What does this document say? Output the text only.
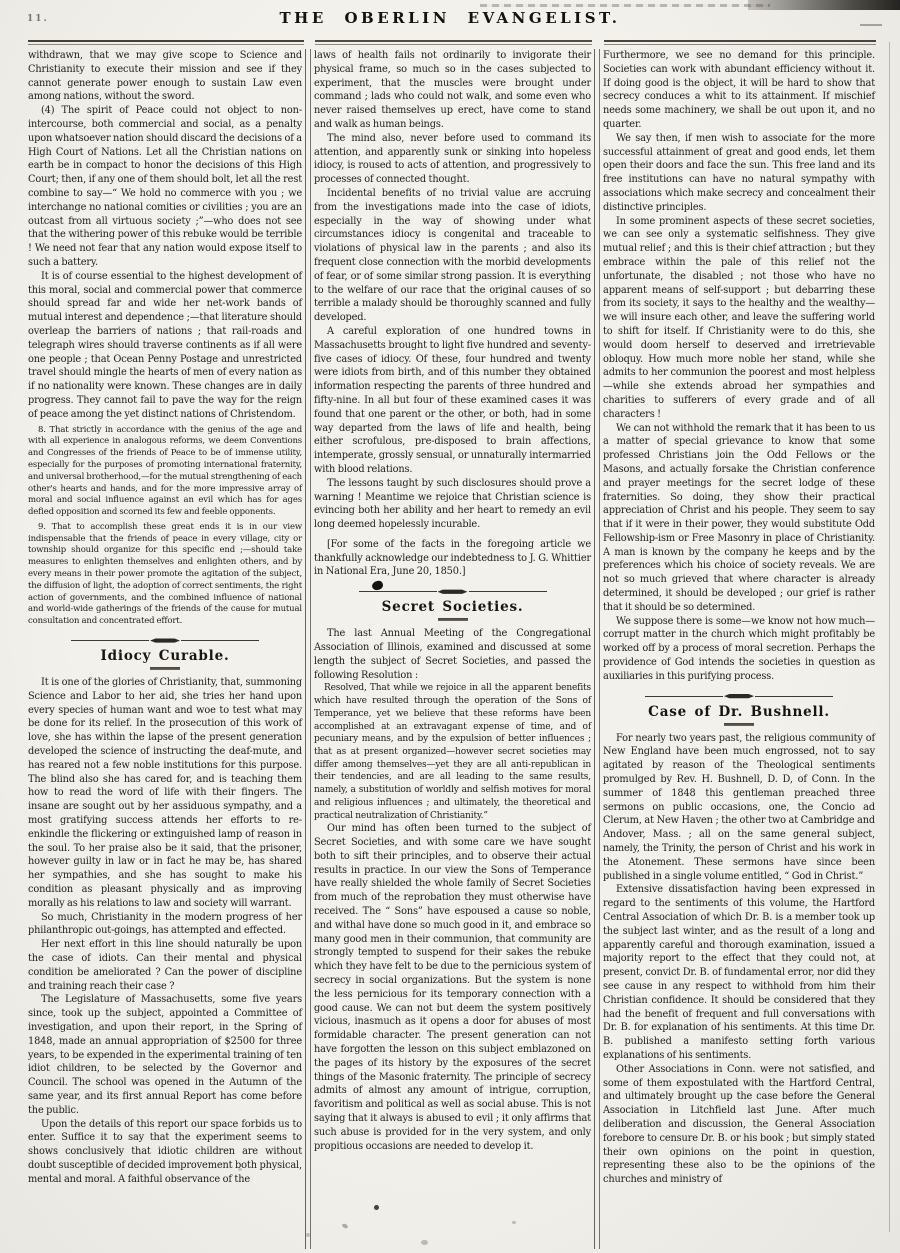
11.	THE OBERLIN EVANGELIST.

withdrawn, that we may give scope to Science and Christianity to execute their mission and see if they cannot generate power enough to sustain Law even among nations, without the sword.

(4) The spirit of Peace could not object to non-intercourse, both commercial and social, as a penalty upon whatsoever nation should discard the decisions of a High Court of Nations. Let all the Christian nations on earth be in compact to honor the decisions of this High Court; then, if any one of them should bolt, let all the rest combine to say—“ We hold no commerce with you ; we interchange no national comities or civilities ; you are an outcast from all virtuous society ;”—who does not see that the withering power of this rebuke would be terrible ! We need not fear that any nation would expose itself to such a battery.

It is of course essential to the highest development of this moral, social and commercial power that commerce should spread far and wide her net-work bands of mutual interest and dependence ;—that literature should overleap the barriers of nations ; that rail-roads and telegraph wires should traverse continents as if all were one people ; that Ocean Penny Postage and unrestricted travel should mingle the hearts of men of every nation as if no nationality were known. These changes are in daily progress. They cannot fail to pave the way for the reign of peace among the yet distinct nations of Christendom.

8. That strictly in accordance with the genius of the age and with all experience in analogous reforms, we deem Conventions and Congresses of the friends of Peace to be of immense utility, especially for the purposes of promoting international fraternity, and universal brotherhood,—for the mutual strengthening of each other's hearts and hands, and for the more impressive array of moral and social influence against an evil which has for ages defied opposition and scorned its few and feeble opponents.

9. That to accomplish these great ends it is in our view indispensable that the friends of peace in every village, city or township should organize for this specific end ;—should take measures to enlighten themselves and enlighten others, and by every means in their power promote the agitation of the subject, the diffusion of light, the adoption of correct sentiments, the right action of governments, and the combined influence of national and world-wide gatherings of the friends of the cause for mutual consultation and concentrated effort.

Idiocy Curable.

It is one of the glories of Christianity, that, summoning Science and Labor to her aid, she tries her hand upon every species of human want and woe to test what may be done for its relief. In the prosecution of this work of love, she has within the lapse of the present generation developed the science of instructing the deaf-mute, and has reared not a few noble institutions for this purpose. The blind also she has cared for, and is teaching them how to read the word of life with their fingers. The insane are sought out by her assiduous sympathy, and a most gratifying success attends her efforts to re-enkindle the flickering or extinguished lamp of reason in the soul. To her praise also be it said, that the prisoner, however guilty in law or in fact he may be, has shared her sympathies, and she has sought to make his condition as pleasant physically and as improving morally as his relations to law and society will warrant.

So much, Christianity in the modern progress of her philanthropic out-goings, has attempted and effected.

Her next effort in this line should naturally be upon the case of idiots. Can their mental and physical condition be ameliorated ? Can the power of discipline and training reach their case ?

The Legislature of Massachusetts, some five years since, took up the subject, appointed a Committee of investigation, and upon their report, in the Spring of 1848, made an annual appropriation of $2500 for three years, to be expended in the experimental training of ten idiot children, to be selected by the Governor and Council. The school was opened in the Autumn of the same year, and its first annual Report has come before the public.

Upon the details of this report our space forbids us to enter. Suffice it to say that the experiment seems to shows conclusively that idiotic children are without doubt susceptible of decided improvement both physical, mental and moral. A faithful observance of the

laws of health fails not ordinarily to invigorate their physical frame, so much so in the cases subjected to experiment, that the muscles were brought under command ; lads who could not walk, and some even who never raised themselves up erect, have come to stand and walk as human beings.

The mind also, never before used to command its attention, and apparently sunk or sinking into hopeless idiocy, is roused to acts of attention, and progressively to processes of connected thought.

Incidental benefits of no trivial value are accruing from the investigations made into the case of idiots, especially in the way of showing under what circumstances idiocy is congenital and traceable to violations of physical law in the parents ; and also its frequent close connection with the morbid developments of fear, or of some similar strong passion. It is everything to the welfare of our race that the original causes of so terrible a malady should be thoroughly scanned and fully developed.

A careful exploration of one hundred towns in Massachusetts brought to light five hundred and seventy-five cases of idiocy. Of these, four hundred and twenty were idiots from birth, and of this number they obtained information respecting the parents of three hundred and fifty-nine. In all but four of these examined cases it was found that one parent or the other, or both, had in some way departed from the laws of life and health, being either scrofulous, pre-disposed to brain affections, intemperate, grossly sensual, or unnaturally intermarried with blood relations.

The lessons taught by such disclosures should prove a warning ! Meantime we rejoice that Christian science is evincing both her ability and her heart to remedy an evil long deemed hopelessly incurable.

[For some of the facts in the foregoing article we thankfully acknowledge our indebtedness to J. G. Whittier in National Era, June 20, 1850.]

Secret Societies.

The last Annual Meeting of the Congregational Association of Illinois, examined and discussed at some length the subject of Secret Societies, and passed the following Resolution :

Resolved, That while we rejoice in all the apparent benefits which have resulted through the operation of the Sons of Temperance, yet we believe that these reforms have been accomplished at an extravagant expense of time, and of pecuniary means, and by the expulsion of better influences ; that as at present organized—however secret societies may differ among themselves—yet they are all anti-republican in their tendencies, and are all leading to the same results, namely, a substitution of worldly and selfish motives for moral and religious influences ; and ultimately, the theoretical and practical neutralization of Christianity.”

Our mind has often been turned to the subject of Secret Societies, and with some care we have sought both to sift their principles, and to observe their actual results in practice. In our view the Sons of Temperance have really shielded the whole family of Secret Societies from much of the reprobation they must otherwise have received. The “ Sons” have espoused a cause so noble, and withal have done so much good in it, and embrace so many good men in their communion, that community are strongly tempted to suspend for their sakes the rebuke which they have felt to be due to the pernicious system of secrecy in social organizations. But the system is none the less pernicious for its temporary connection with a good cause. We can not but deem the system positively vicious, inasmuch as it opens a door for abuses of most formidable character. The present generation can not have forgotten the lesson on this subject emblazoned on the pages of its history by the exposures of the secret things of the Masonic fraternity. The principle of secrecy admits of almost any amount of intrigue, corruption, favoritism and political as well as social abuse. This is not saying that it always is abused to evil ; it only affirms that such abuse is provided for in the very system, and only propitious occasions are needed to develop it.

Furthermore, we see no demand for this principle. Societies can work with abundant efficiency without it. If doing good is the object, it will be hard to show that secrecy conduces a whit to its attainment. If mischief needs some machinery, we shall be out upon it, and no quarter.

We say then, if men wish to associate for the more successful attainment of great and good ends, let them open their doors and face the sun. This free land and its free institutions can have no natural sympathy with associations which make secrecy and concealment their distinctive principles.

In some prominent aspects of these secret societies, we can see only a systematic selfishness. They give mutual relief ; and this is their chief attraction ; but they embrace within the pale of this relief not the unfortunate, the disabled ; not those who have no apparent means of self-support ; but debarring these from its society, it says to the healthy and the wealthy—we will insure each other, and leave the suffering world to shift for itself. If Christianity were to do this, she would doom herself to deserved and irretrievable obloquy. How much more noble her stand, while she admits to her communion the poorest and most helpless—while she extends abroad her sympathies and charities to sufferers of every grade and of all characters !

We can not withhold the remark that it has been to us a matter of special grievance to know that some professed Christians join the Odd Fellows or the Masons, and actually forsake the Christian conference and prayer meetings for the secret lodge of these fraternities. So doing, they show their practical appreciation of Christ and his people. They seem to say that if it were in their power, they would substitute Odd Fellowship-ism or Free Masonry in place of Christianity. A man is known by the company he keeps and by the preferences which his choice of society reveals. We are not so much grieved that where character is already determined, it should be developed ; our grief is rather that it should be so determined.

We suppose there is some—we know not how much—corrupt matter in the church which might profitably be worked off by a process of moral secretion. Perhaps the providence of God intends the societies in question as auxiliaries in this purifying process.

Case of Dr. Bushnell.

For nearly two years past, the religious community of New England have been much engrossed, not to say agitated by reason of the Theological sentiments promulged by Rev. H. Bushnell, D. D, of Conn. In the summer of 1848 this gentleman preached three sermons on public occasions, one, the Concio ad Clerum, at New Haven ; the other two at Cambridge and Andover, Mass. ; all on the same general subject, namely, the Trinity, the person of Christ and his work in the Atonement. These sermons have since been published in a single volume entitled, “ God in Christ.”

Extensive dissatisfaction having been expressed in regard to the sentiments of this volume, the Hartford Central Association of which Dr. B. is a member took up the subject last winter, and as the result of a long and apparently careful and thorough examination, issued a majority report to the effect that they could not, at present, convict Dr. B. of fundamental error, nor did they see cause in any respect to withhold from him their Christian confidence. It should be considered that they had the benefit of frequent and full conversations with Dr. B. for explanation of his sentiments. At this time Dr. B. published a manifesto setting forth various explanations of his sentiments.

Other Associations in Conn. were not satisfied, and some of them expostulated with the Hartford Central, and ultimately brought up the case before the General Association in Litchfield last June. After much deliberation and discussion, the General Association forebore to censure Dr. B. or his book ; but simply stated their own opinions on the point in question, representing these also to be the opinions of the churches and ministry of
